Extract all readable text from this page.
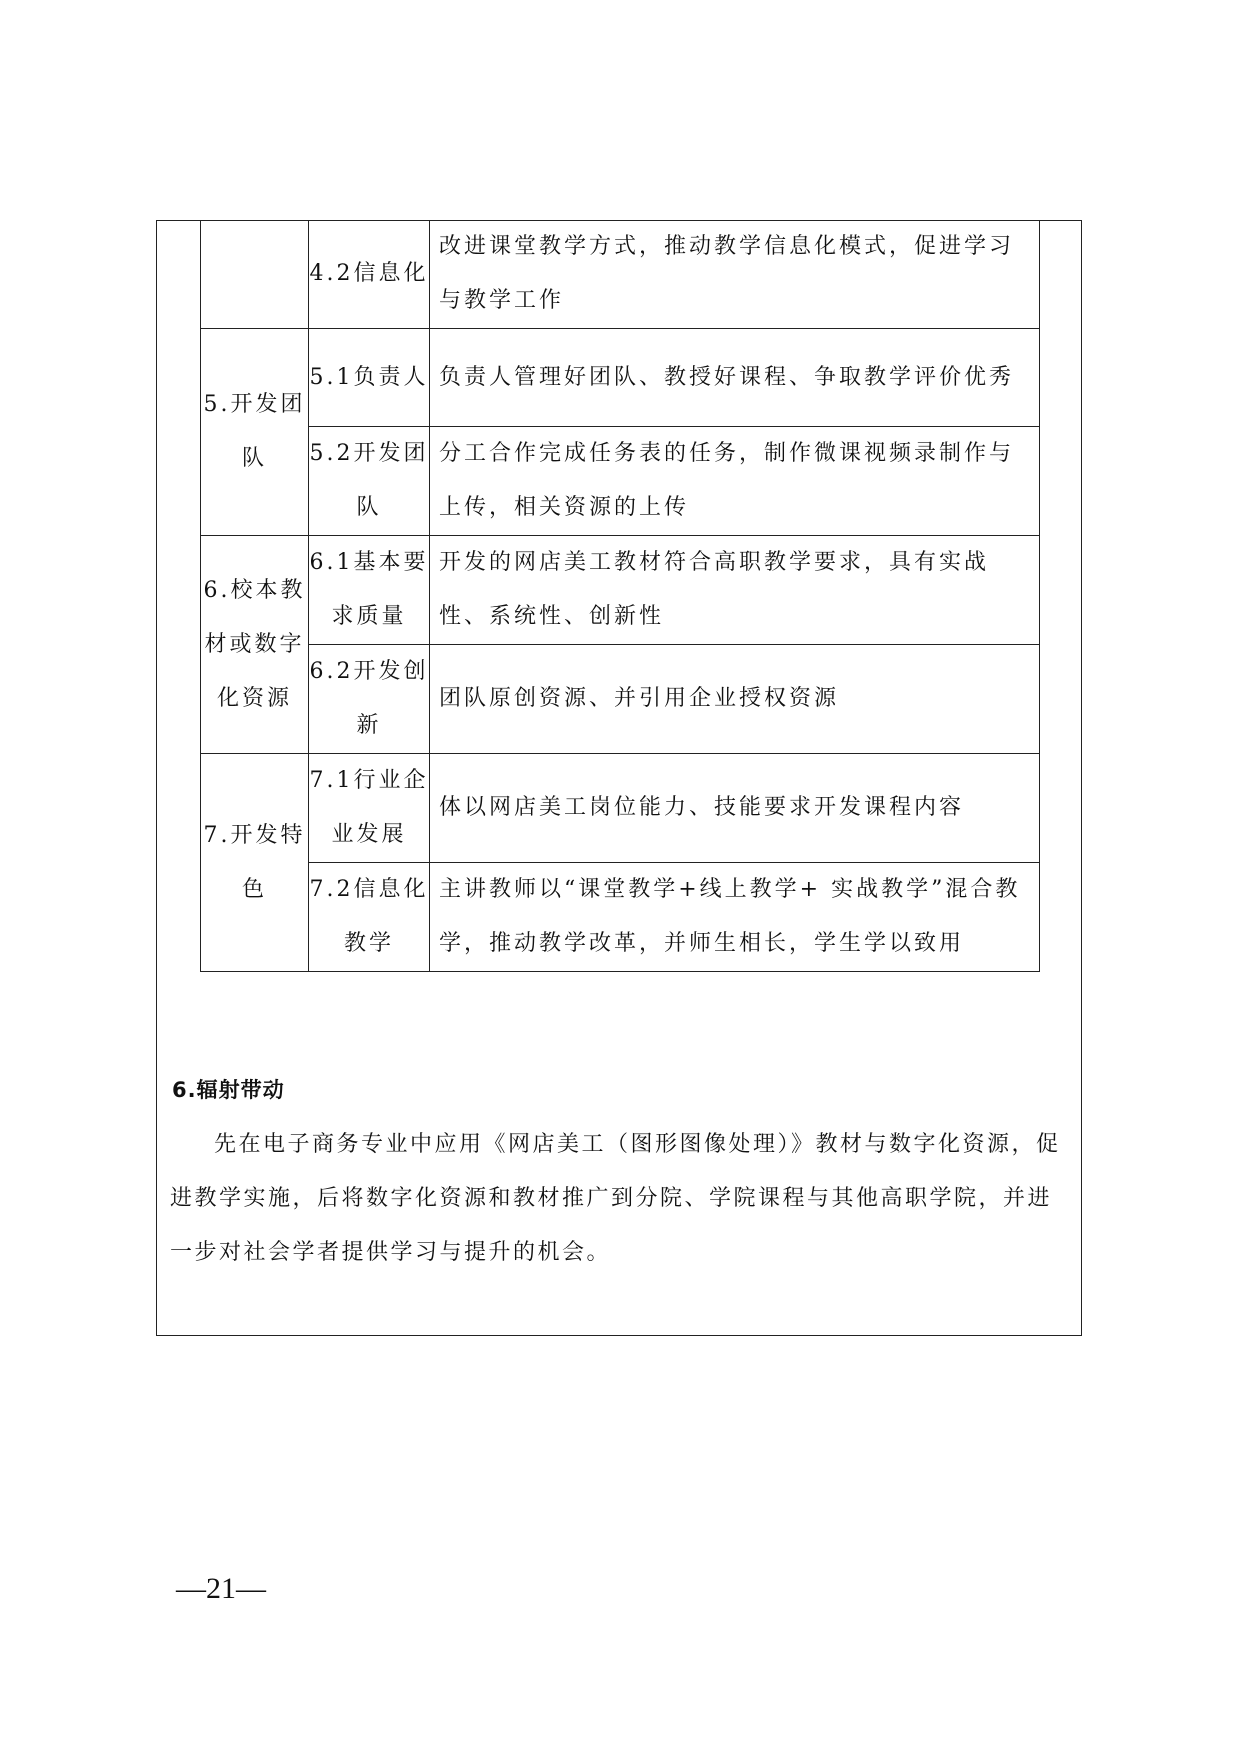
	4.2信息化	改进课堂教学方式，推动教学信息化模式，促进学习与教学工作
5.开发团队	5.1负责人	负责人管理好团队、教授好课程、争取教学评价优秀
	5.2开发团队	分工合作完成任务表的任务，制作微课视频录制作与上传，相关资源的上传
6.校本教材或数字化资源	6.1基本要求质量	开发的网店美工教材符合高职教学要求，具有实战性、系统性、创新性
	6.2开发创新	团队原创资源、并引用企业授权资源
7.开发特色	7.1行业企业发展	体以网店美工岗位能力、技能要求开发课程内容
	7.2信息化教学	主讲教师以“课堂教学+线上教学+ 实战教学”混合教学，推动教学改革，并师生相长，学生学以致用
6.辐射带动

先在电子商务专业中应用《网店美工（图形图像处理）》教材与数字化资源，促进教学实施，后将数字化资源和教材推广到分院、学院课程与其他高职学院，并进一步对社会学者提供学习与提升的机会。

—21—
